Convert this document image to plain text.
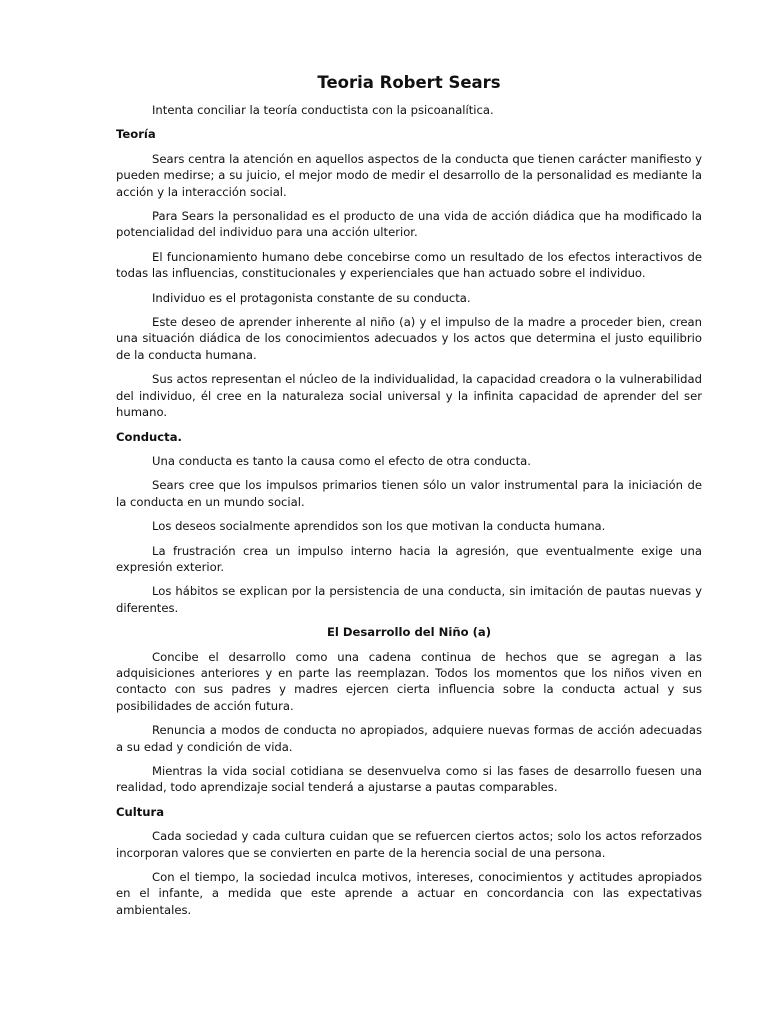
Teoria Robert Sears

Intenta conciliar la teoría conductista con la psicoanalítica.

Teoría

Sears centra la atención en aquellos aspectos de la conducta que tienen carácter manifiesto y pueden medirse; a su juicio, el mejor modo de medir el desarrollo de la personalidad es mediante la acción y la interacción social.

Para Sears la personalidad es el producto de una vida de acción diádica que ha modificado la potencialidad del individuo para una acción ulterior.

El funcionamiento humano debe concebirse como un resultado de los efectos interactivos de todas las influencias, constitucionales y experienciales que han actuado sobre el individuo.

Individuo es el protagonista constante de su conducta.

Este deseo de aprender inherente al niño (a) y el impulso de la madre a proceder bien, crean una situación diádica de los conocimientos adecuados y los actos que determina el justo equilibrio de la conducta humana.

Sus actos representan el núcleo de la individualidad, la capacidad creadora o la vulnerabilidad del individuo, él cree en la naturaleza social universal y la infinita capacidad de aprender del ser humano.

Conducta.

Una conducta es tanto la causa como el efecto de otra conducta.

Sears cree que los impulsos primarios tienen sólo un valor instrumental para la iniciación de la conducta en un mundo social.

Los deseos socialmente aprendidos son los que motivan la conducta humana.

La frustración crea un impulso interno hacia la agresión, que eventualmente exige una expresión exterior.

Los hábitos se explican por la persistencia de una conducta, sin imitación de pautas nuevas y diferentes.

El Desarrollo del Niño (a)

Concibe el desarrollo como una cadena continua de hechos que se agregan a las adquisiciones anteriores y en parte las reemplazan. Todos los momentos que los niños viven en contacto con sus padres y madres ejercen cierta influencia sobre la conducta actual y sus posibilidades de acción futura.

Renuncia a modos de conducta no apropiados, adquiere nuevas formas de acción adecuadas a su edad y condición de vida.

Mientras la vida social cotidiana se desenvuelva como si las fases de desarrollo fuesen una realidad, todo aprendizaje social tenderá a ajustarse a pautas comparables.

Cultura

Cada sociedad y cada cultura cuidan que se refuercen ciertos actos; solo los actos reforzados incorporan valores que se convierten en parte de la herencia social de una persona.

Con el tiempo, la sociedad inculca motivos, intereses, conocimientos y actitudes apropiados en el infante, a medida que este aprende a actuar en concordancia con las expectativas ambientales.
